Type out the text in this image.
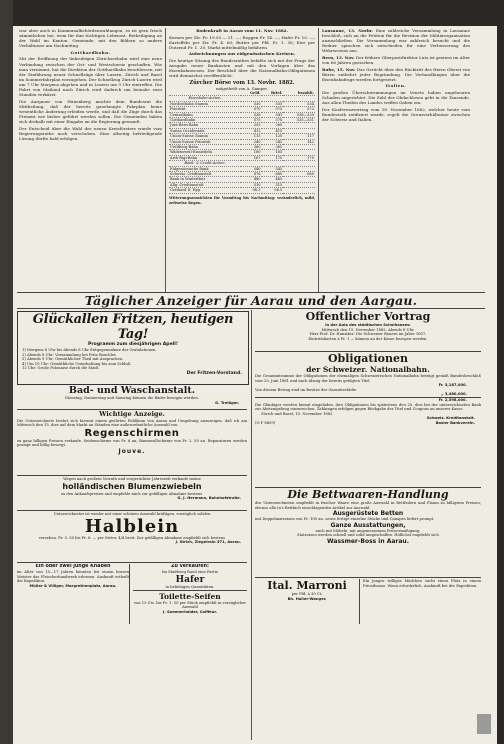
war aber auch in Kommunalbehördenwahlungen, es ist gern frisch sämmtlichen bei, wem für ihm tüchtigen Lebensst. Betheiligung an der Wahl im Kanton. Gemeinde, mit den Bildern so andere Verhältnisse am Nachmittag.

Gotthardbahn.

Mit der Eröffnung der linksufrigen Zürichseebahn wird eine neue Verbindung zwischen der Ost- und Westschweiz geschaffen. Wie man vernimmt, hat die Direktion der Gotthardbahn beschlossen, mit der Einführung neuer Schnellzüge über Luzern, Zürich und Basel im Sommerfahrplan vorzugehen. Der Schnellzug Zürich-Luzern wird um 7 Uhr Morgens abgehen und in Luzern um 9 Uhr eintreffen. Die Fahrt von Mailand nach Zürich wird dadurch um beinahe zwei Stunden verkürzt.

Die Aargauer von Hünenberg machte dem Bundesrat die Mittheilung, daß der bereits genehmigte Fahrplan keine wesentliche Änderung erleiden werde, und daß die Züge durch das Freiamt wie bisher geführt werden sollen. Die Gemeinden haben sich deshalb mit einer Eingabe an die Regierung gewandt.

Der Entscheid über die Wahl des neuen Kreisförsters wurde vom Regierungsrathe noch verschoben. Eine allseitig befriedigende Lösung dürfte bald erfolgen.

Bodenkraft in Aarau vom 11. Nov. 1882.

Kernen per Ztr. Fr. 19.50 — 21. —; Roggen Fr. 14. —; Hafer Fr. 10. —; Kartoffeln per Ztr. Fr. 4. 60; Butter per Pfd. Fr. 1. 30; Eier per Dutzend Fr. 1. 20. Markt mittelmäßig befahren.

Aufzeichnungen aus eidgenössischen Kreisen.

Die heutige Sitzung des Bundesrathes befaßte sich mit der Frage der Ausgabe neuer Banknoten und mit den Vorlagen über das Eisenbahnwesen. Der Beschluß über die Nationalbahn-Obligationen wird demnächst veröffentlicht.

Zürcher Börse vom 13. Novbr. 1882.
mitgetheilt von A. Gamper.
	Geld.	Brief.	bezahlt.
Eisenbahn-Actien.			
Nordostbahn Stamm	530	535	534
Priorität	570	575	572
Centralbahn	538	541	538—539
Gotthardbahn	575	578	535—531
Jura-Bern-Bahn	255	260	
Suisse Occidentale	412	415	
Union-Suisse Stamm	115	120	117
Union-Suisse Priorität	240	242	142
Uetliberg-Bahn	360	365	
Wädensweil-Einsiedeln	160	165	
Arth-Rigi-Bahn	167	170	170
Bank- & Credit-Actien.			
Eidgenössische Bank	540	545	
Schweiz. Creditanstalt	676	680	680
Bank in Winterthur	480	485	
Allg. Creditanstalt	510	515	
Gotthard II. Hyp.	96.3	96.5	

Witterungsaussichten für Vormittag bis Nachmittag: veränderlich, mild, zeitweise Regen.

Lausanne, 13. Novbr. Eine zahlreiche Versammlung in Lausanne beschloß, sich an die Petition für die Revision der Militärorganisation anzuschließen. Die Versammlung war zahlreich besucht und die Redner sprachen sich entschieden für eine Verbesserung des Wehrwesens aus.

Bern, 13. Nov. Der frühere Oberpostdirektor Lutz ist gestern im Alter von 66 Jahren gestorben.

Ruhe, 15. Nov. Das Gerücht über den Rücktritt des Herrn Oberst von Büren entbehrt jeder Begründung. Die Verhandlungen über die Eisenbahnfrage werden fortgesetzt.

Italien.

Die großen Überschwemmungen im Veneto haben ungeheuren Schaden angerichtet. Die Zahl der Obdachlosen geht in die Tausende. Aus allen Theilen des Landes treffen Gaben ein.

Der Konferenzvertrag vom 18. November 1882, welcher heute vom Bundesrath ratifiziert wurde, regelt die Grenzverhältnisse zwischen der Schweiz und Italien.

Täglicher Anzeiger für Aarau und den Aargau.
Glückallen Fritzen, heutigen Tag!
Programm zum diesjährigen Apell!
1) Morgens 6 Uhr bis Abends 8 Uhr Entgegennahme der Gratulationen.
2) Abends 8 Uhr: Versammlung bei Fritz Bauchler.
3) Abends 9 Uhr: Gemüthlicher Theil mit Ansprachen.
4) Um 10 Uhr: Gemüthliche Unterhaltung bis zum Schluß.
12 Uhr: Große Polonaise durch die Stadt.
Der Fritzen-Vorstand.
Bad- und Waschanstalt.
Dienstag, Donnerstag und Samstag können die Bäder bezogen werden.
G. Treißger.
Wichtige Anzeige.
Die Unterzeichnete beehrt sich hiermit einem geehrten Publikum von Aarau und Umgebung anzuzeigen, daß ich am Mittwoch den 15. dies auf dem Markt an Ständen eine außerordentliche Auswahl von
Regenschirmen
zu ganz billigen Preisen verkaufe. Seidenschirme von Fr. 6 an, Baumwollschirme von Fr. 2. 50 an. Reparaturen werden prompt und billig besorgt.
Jouve.
Wegen nach großem Vorrath und vorgerückter Jahreszeit verkaufe meine
holländischen Blumenzwiebeln
zu den Ankaufspreisen und empfehle mich zur gefälligen Abnahme bestens.
G. J. Hermann, Bahnhofstraße.
Unterzeichneter ist wieder mit einer schönen Auswahl kräftigen, vorzüglich soliden
Halblein
versehen. Fr. 3. 50 bis Fr. 6. — per Meter, 4/4 breit. Zur gefälligen Abnahme empfiehlt sich bestens
J. Strich, Ziegelrain 571, Aarau.
Ein oder zwei junge Knaben
im Alter von 15—17 Jahren könnten bei einem braven Meister das Fleischerhandwerk erlernen. Auskunft ertheilt die Expedition.
Müller & Villiger, Margrethenplatz, Aarau.
Zu verkaufen:
Im Stadtweg Rued eine Partie
Hafer
in beliebigen Quantitäten.
Toilette-Seifen
von 15 Cts. bis Fr. 1. 50 per Stück empfiehlt in vorzüglicher Auswahl
J. Sommerhalder, Coiffeur.
Öffentlicher Vortrag
in der Aula des städtischen Schulhauses:
Mittwoch den 15. November 1882, Abends 8 Uhr.
Herr Prof. Dr. Hunziker: Die Schweizer Bauern im Jahre 1607.
Eintrittskarten à Fr. 1 — können an der Kasse bezogen werden.
Obligationen
der Schweizer. Nationalbahn.
Die Gesammtsumme der Obligationen der ehemaligen Schweizerischen Nationalbahn beträgt gemäß Bundesbeschluß vom 25. Juni 1881 und nach Abzug der bereits getilgten Titel
Fr. 3,187,000.
Von diesem Betrag sind im Besitze der Garantiestädte
„ 3,480,000.
Fr. 2,598,000.
Die Gläubiger werden hiemit eingeladen, ihre Obligationen bis spätestens den 25. dies bei der unterzeichneten Bank zur Abstempelung einzureichen. Zahlungen erfolgen gegen Rückgabe der Titel und Coupons an unserer Kasse.
Zürich und Basel, 10. November 1882.
Schweiz. Kreditanstalt.
(O F 8609)	Basler Bankverein.
Die Bettwaaren-Handlung
des Unterzeichneten empfiehlt in frischer Waare eine große Auswahl in Bettfedern und Flaum zu billigsten Preisen; ebenso alle in's Bettfach einschlagenden Artikel zur Auswahl.
Ausgerüstete Betten
mit Doppelmatratzen von Fr. 100 an, sowie fertige einzelne Stücke und Canapés liefert prompt.
Ganze Ausstattungen,
auch mit Möbeln, mit angemessenem Preisermäßigung.
Matratzen werden schnell und solid umgeschaffen. Höflichst empfiehlt sich
Wassmer-Boss in Aarau.
Ital. Marroni
per Pfd. à 30 Ct.
Bh. Haller-Wanger.
Ein junges williges Mädchen sucht einen Platz in einem Privathause. Wenn erforderlich. Auskunft bei der Expedition.
